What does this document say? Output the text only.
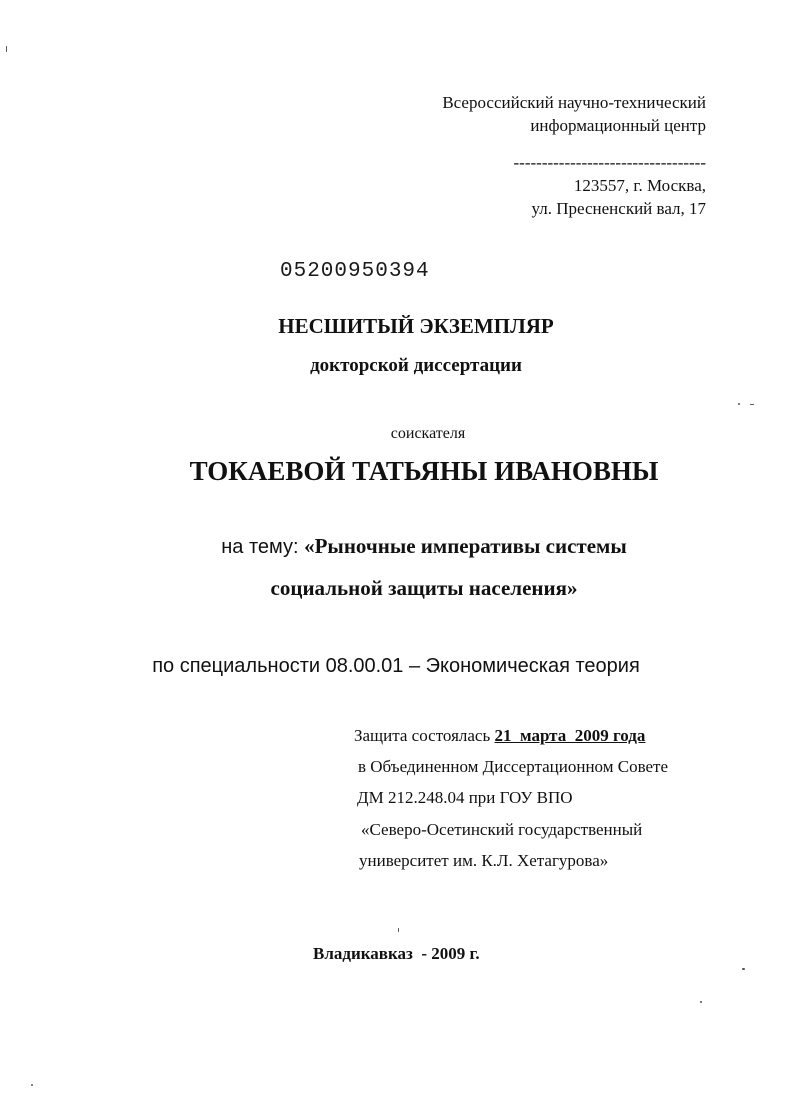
Всероссийский научно-технический
информационный центр
----------------------------------
123557, г. Москва,
ул. Пресненский вал, 17
05200950394
НЕСШИТЫЙ ЭКЗЕМПЛЯР
докторской диссертации
соискателя
ТОКАЕВОЙ ТАТЬЯНЫ ИВАНОВНЫ
на тему: «Рыночные императивы системы
социальной защиты населения»
по специальности 08.00.01 – Экономическая теория
Защита состоялась 21  марта  2009 года
в Объединенном Диссертационном Совете
ДМ 212.248.04 при ГОУ ВПО
«Северо-Осетинский государственный
университет им. К.Л. Хетагурова»
Владикавказ  - 2009 г.
